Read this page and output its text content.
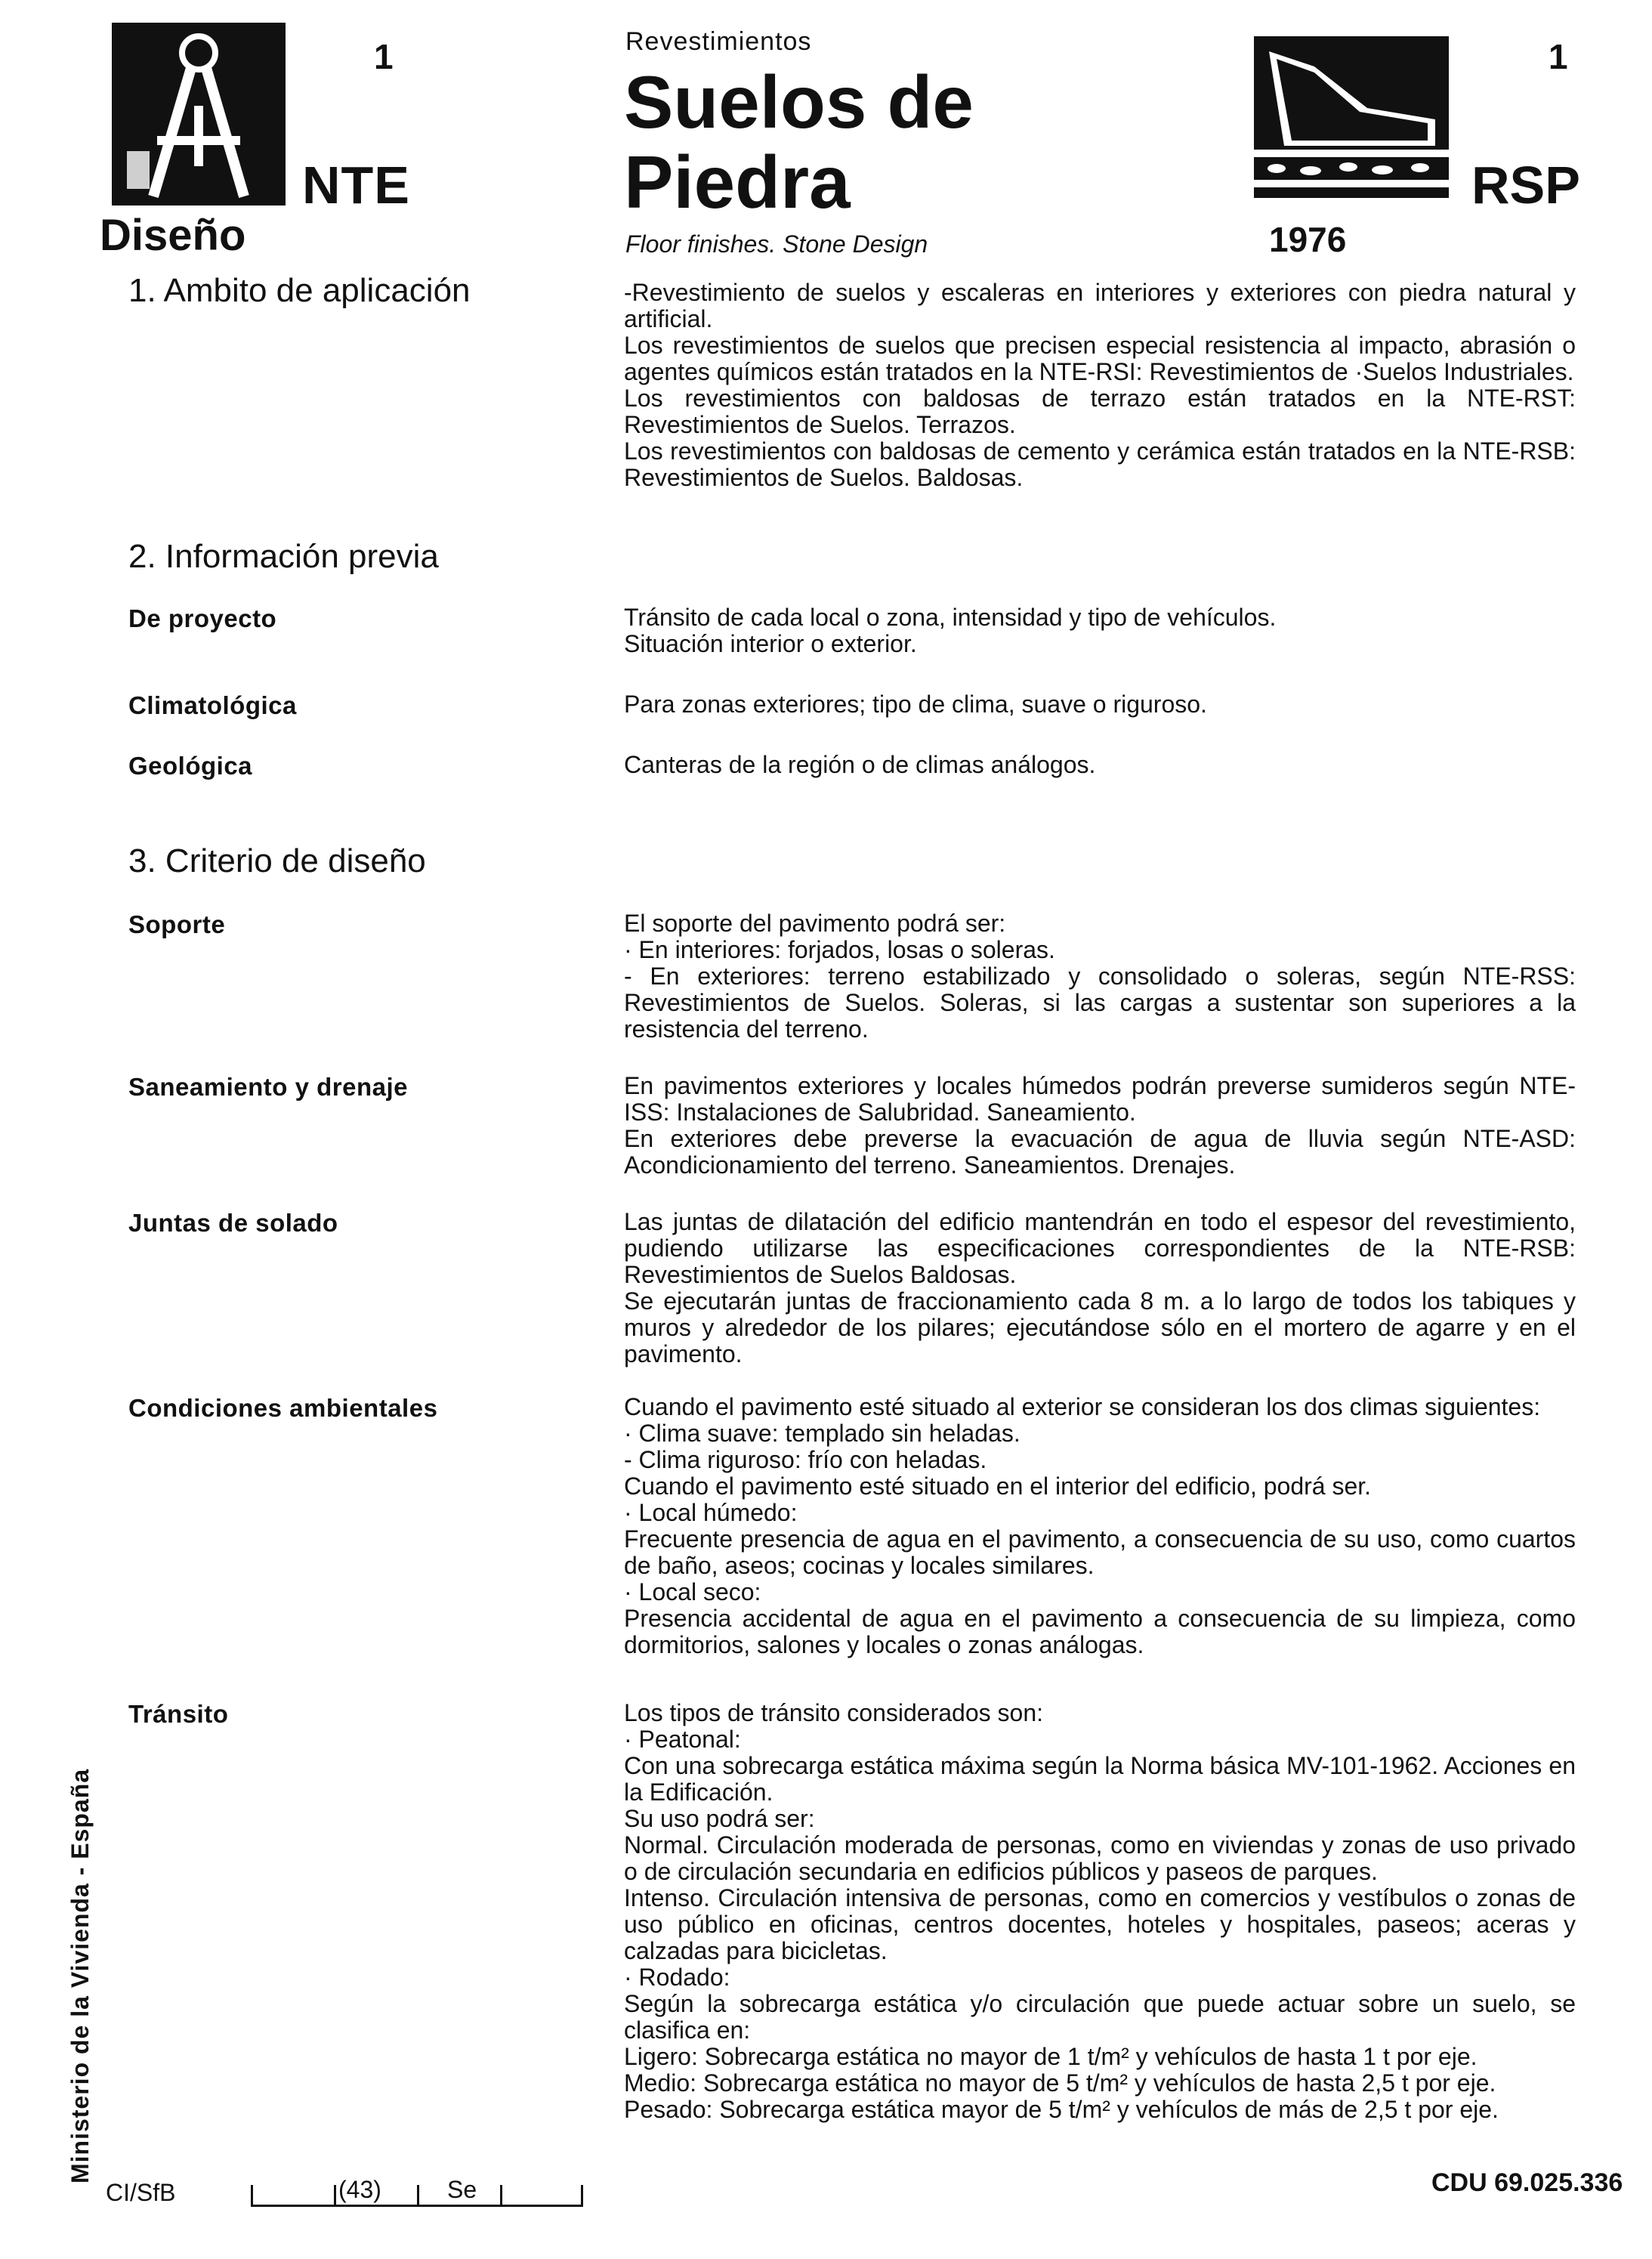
1
NTE
Diseño
Revestimientos
Suelos de
Piedra
Floor finishes. Stone Design	1976
1
RSP
1. Ambito de aplicación	-Revestimiento de suelos y escaleras en interiores y exteriores con piedra natural y artificial.

Los revestimientos de suelos que precisen especial resistencia al impacto, abrasión o agentes químicos están tratados en la NTE-RSI: Revestimientos de ·Suelos Industriales.

Los revestimientos con baldosas de terrazo están tratados en la NTE-RST: Revestimientos de Suelos. Terrazos.

Los revestimientos con baldosas de cemento y cerámica están tratados en la NTE-RSB: Revestimientos de Suelos. Baldosas.

2. Información previa
De proyecto	Tránsito de cada local o zona, intensidad y tipo de vehículos.

Situación interior o exterior.

Climatológica	Para zonas exteriores; tipo de clima, suave o riguroso.

Geológica	Canteras de la región o de climas análogos.

3. Criterio de diseño
Soporte	El soporte del pavimento podrá ser:

· En interiores: forjados, losas o soleras.

- En exteriores: terreno estabilizado y consolidado o soleras, según NTE-RSS: Revestimientos de Suelos. Soleras, si las cargas a sustentar son superiores a la resistencia del terreno.

Saneamiento y drenaje	En pavimentos exteriores y locales húmedos podrán preverse sumideros según NTE-ISS: Instalaciones de Salubridad. Saneamiento.

En exteriores debe preverse la evacuación de agua de lluvia según NTE-ASD: Acondicionamiento del terreno. Saneamientos. Drenajes.

Juntas de solado	Las juntas de dilatación del edificio mantendrán en todo el espesor del revestimiento, pudiendo utilizarse las especificaciones correspondientes de la NTE-RSB: Revestimientos de Suelos Baldosas.

Se ejecutarán juntas de fraccionamiento cada 8 m. a lo largo de todos los tabiques y muros y alrededor de los pilares; ejecutándose sólo en el mortero de agarre y en el pavimento.

Condiciones ambientales	Cuando el pavimento esté situado al exterior se consideran los dos climas siguientes:

· Clima suave: templado sin heladas.

- Clima riguroso: frío con heladas.

Cuando el pavimento esté situado en el interior del edificio, podrá ser.

· Local húmedo:

Frecuente presencia de agua en el pavimento, a consecuencia de su uso, como cuartos de baño, aseos; cocinas y locales similares.

· Local seco:

Presencia accidental de agua en el pavimento a consecuencia de su limpieza, como dormitorios, salones y locales o zonas análogas.

Tránsito	Los tipos de tránsito considerados son:

· Peatonal:

Con una sobrecarga estática máxima según la Norma básica MV-101-1962. Acciones en la Edificación.

Su uso podrá ser:

Normal. Circulación moderada de personas, como en viviendas y zonas de uso privado o de circulación secundaria en edificios públicos y paseos de parques.

Intenso. Circulación intensiva de personas, como en comercios y vestíbulos o zonas de uso público en oficinas, centros docentes, hoteles y hospitales, paseos; aceras y calzadas para bicicletas.

· Rodado:

Según la sobrecarga estática y/o circulación que puede actuar sobre un suelo, se clasifica en:

Ligero: Sobrecarga estática no mayor de 1 t/m² y vehículos de hasta 1 t por eje.

Medio: Sobrecarga estática no mayor de 5 t/m² y vehículos de hasta 2,5 t por eje.

Pesado: Sobrecarga estática mayor de 5 t/m² y vehículos de más de 2,5 t por eje.

Ministerio de la Vivienda - España
CI/SfB	(43)	Se	CDU 69.025.336
